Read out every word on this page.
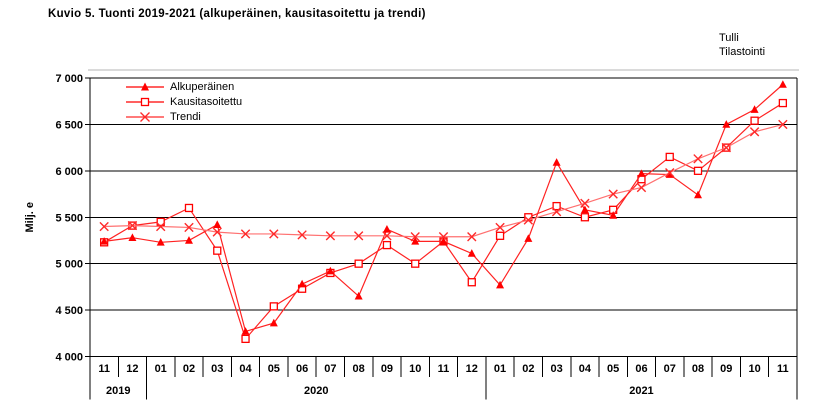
Kuvio 5. Tuonti 2019-2021 (alkuperäinen, kausitasoitettu ja trendi)
Tulli
Tilastointi
7 000
6 500
6 000
5 500
5 000
4 500
4 000
Milj. e
11 12 01 02 03 04 05 06 07 08 09 10 11 12 01 02 03 04 05 06 07 08 09 10 11
2019	2020	2021
Alkuperäinen
Kausitasoitettu
Trendi
